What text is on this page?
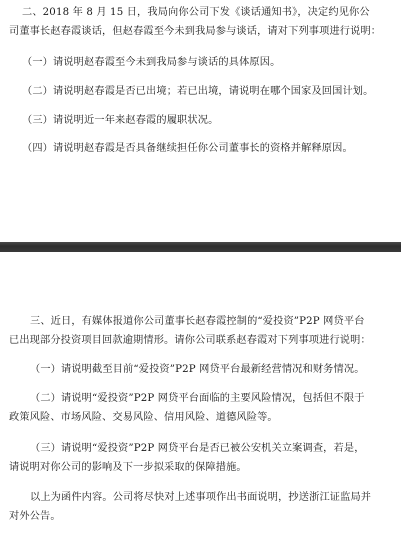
二、2018 年 8 月 15 日，我局向你公司下发《谈话通知书》，决定约见你公
司董事长赵春霞谈话，但赵春霞至今未到我局参与谈话，请对下列事项进行说明：
（一）请说明赵春霞至今未到我局参与谈话的具体原因。
（二）请说明赵春霞是否已出境；若已出境，请说明在哪个国家及回国计划。
（三）请说明近一年来赵春霞的履职状况。
（四）请说明赵春霞是否具备继续担任你公司董事长的资格并解释原因。
三、近日，有媒体报道你公司董事长赵春霞控制的“爱投资”P2P 网贷平台
已出现部分投资项目回款逾期情形。请你公司联系赵春霞对下列事项进行说明：
（一）请说明截至目前“爱投资”P2P 网贷平台最新经营情况和财务情况。
（二）请说明“爱投资”P2P 网贷平台面临的主要风险情况，包括但不限于
政策风险、市场风险、交易风险、信用风险、道德风险等。
（三）请说明“爱投资”P2P 网贷平台是否已被公安机关立案调查，若是，
请说明对你公司的影响及下一步拟采取的保障措施。
以上为函件内容。公司将尽快对上述事项作出书面说明，抄送浙江证监局并
对外公告。
